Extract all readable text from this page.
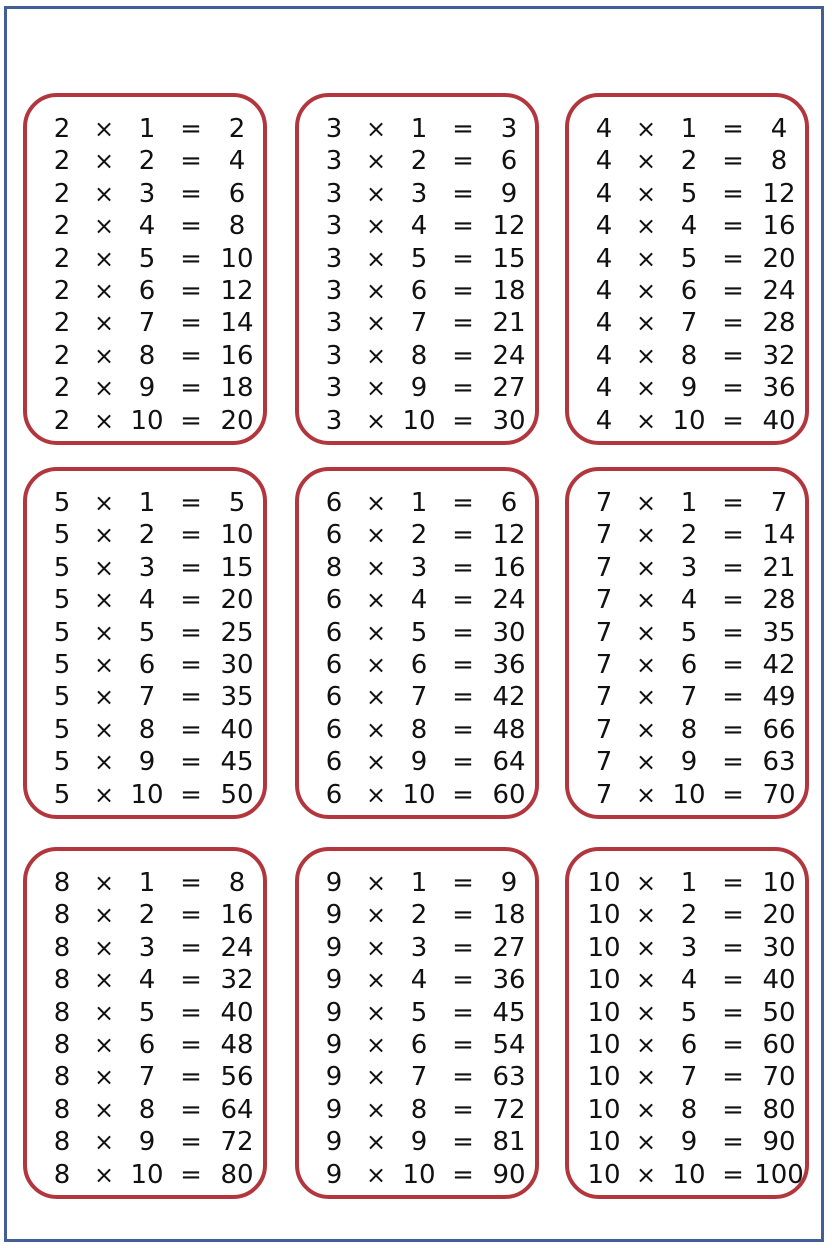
2 × 1 =	2
2 × 2 =	4
2 × 3 =	6
2 × 4 =	8
2 × 5 = 10
2 × 6 = 12
2 × 7 = 14
2 × 8 = 16
2 × 9 = 18
2 × 10 = 20
3 × 1 =	3
3 × 2 =	6
3 × 3 =	9
3 × 4 = 12
3 × 5 = 15
3 × 6 = 18
3 × 7 = 21
3 × 8 = 24
3 × 9 = 27
3 × 10 = 30
4 × 1 =	4
4 × 2 =	8
4 × 5 = 12
4 × 4 = 16
4 × 5 = 20
4 × 6 = 24
4 × 7 = 28
4 × 8 = 32
4 × 9 = 36
4 × 10 = 40
5 × 1 =	5
5 × 2 = 10
5 × 3 = 15
5 × 4 = 20
5 × 5 = 25
5 × 6 = 30
5 × 7 = 35
5 × 8 = 40
5 × 9 = 45
5 × 10 = 50
6 × 1 =	6
6 × 2 = 12
8 × 3 = 16
6 × 4 = 24
6 × 5 = 30
6 × 6 = 36
6 × 7 = 42
6 × 8 = 48
6 × 9 = 64
6 × 10 = 60
7 × 1 =	7
7 × 2 = 14
7 × 3 = 21
7 × 4 = 28
7 × 5 = 35
7 × 6 = 42
7 × 7 = 49
7 × 8 = 66
7 × 9 = 63
7 × 10 = 70
8 × 1 =	8
8 × 2 = 16
8 × 3 = 24
8 × 4 = 32
8 × 5 = 40
8 × 6 = 48
8 × 7 = 56
8 × 8 = 64
8 × 9 = 72
8 × 10 = 80
9 × 1 =	9
9 × 2 = 18
9 × 3 = 27
9 × 4 = 36
9 × 5 = 45
9 × 6 = 54
9 × 7 = 63
9 × 8 = 72
9 × 9 = 81
9 × 10 = 90
10 × 1 = 10
10 × 2 = 20
10 × 3 = 30
10 × 4 = 40
10 × 5 = 50
10 × 6 = 60
10 × 7 = 70
10 × 8 = 80
10 × 9 = 90
10 × 10 = 100
